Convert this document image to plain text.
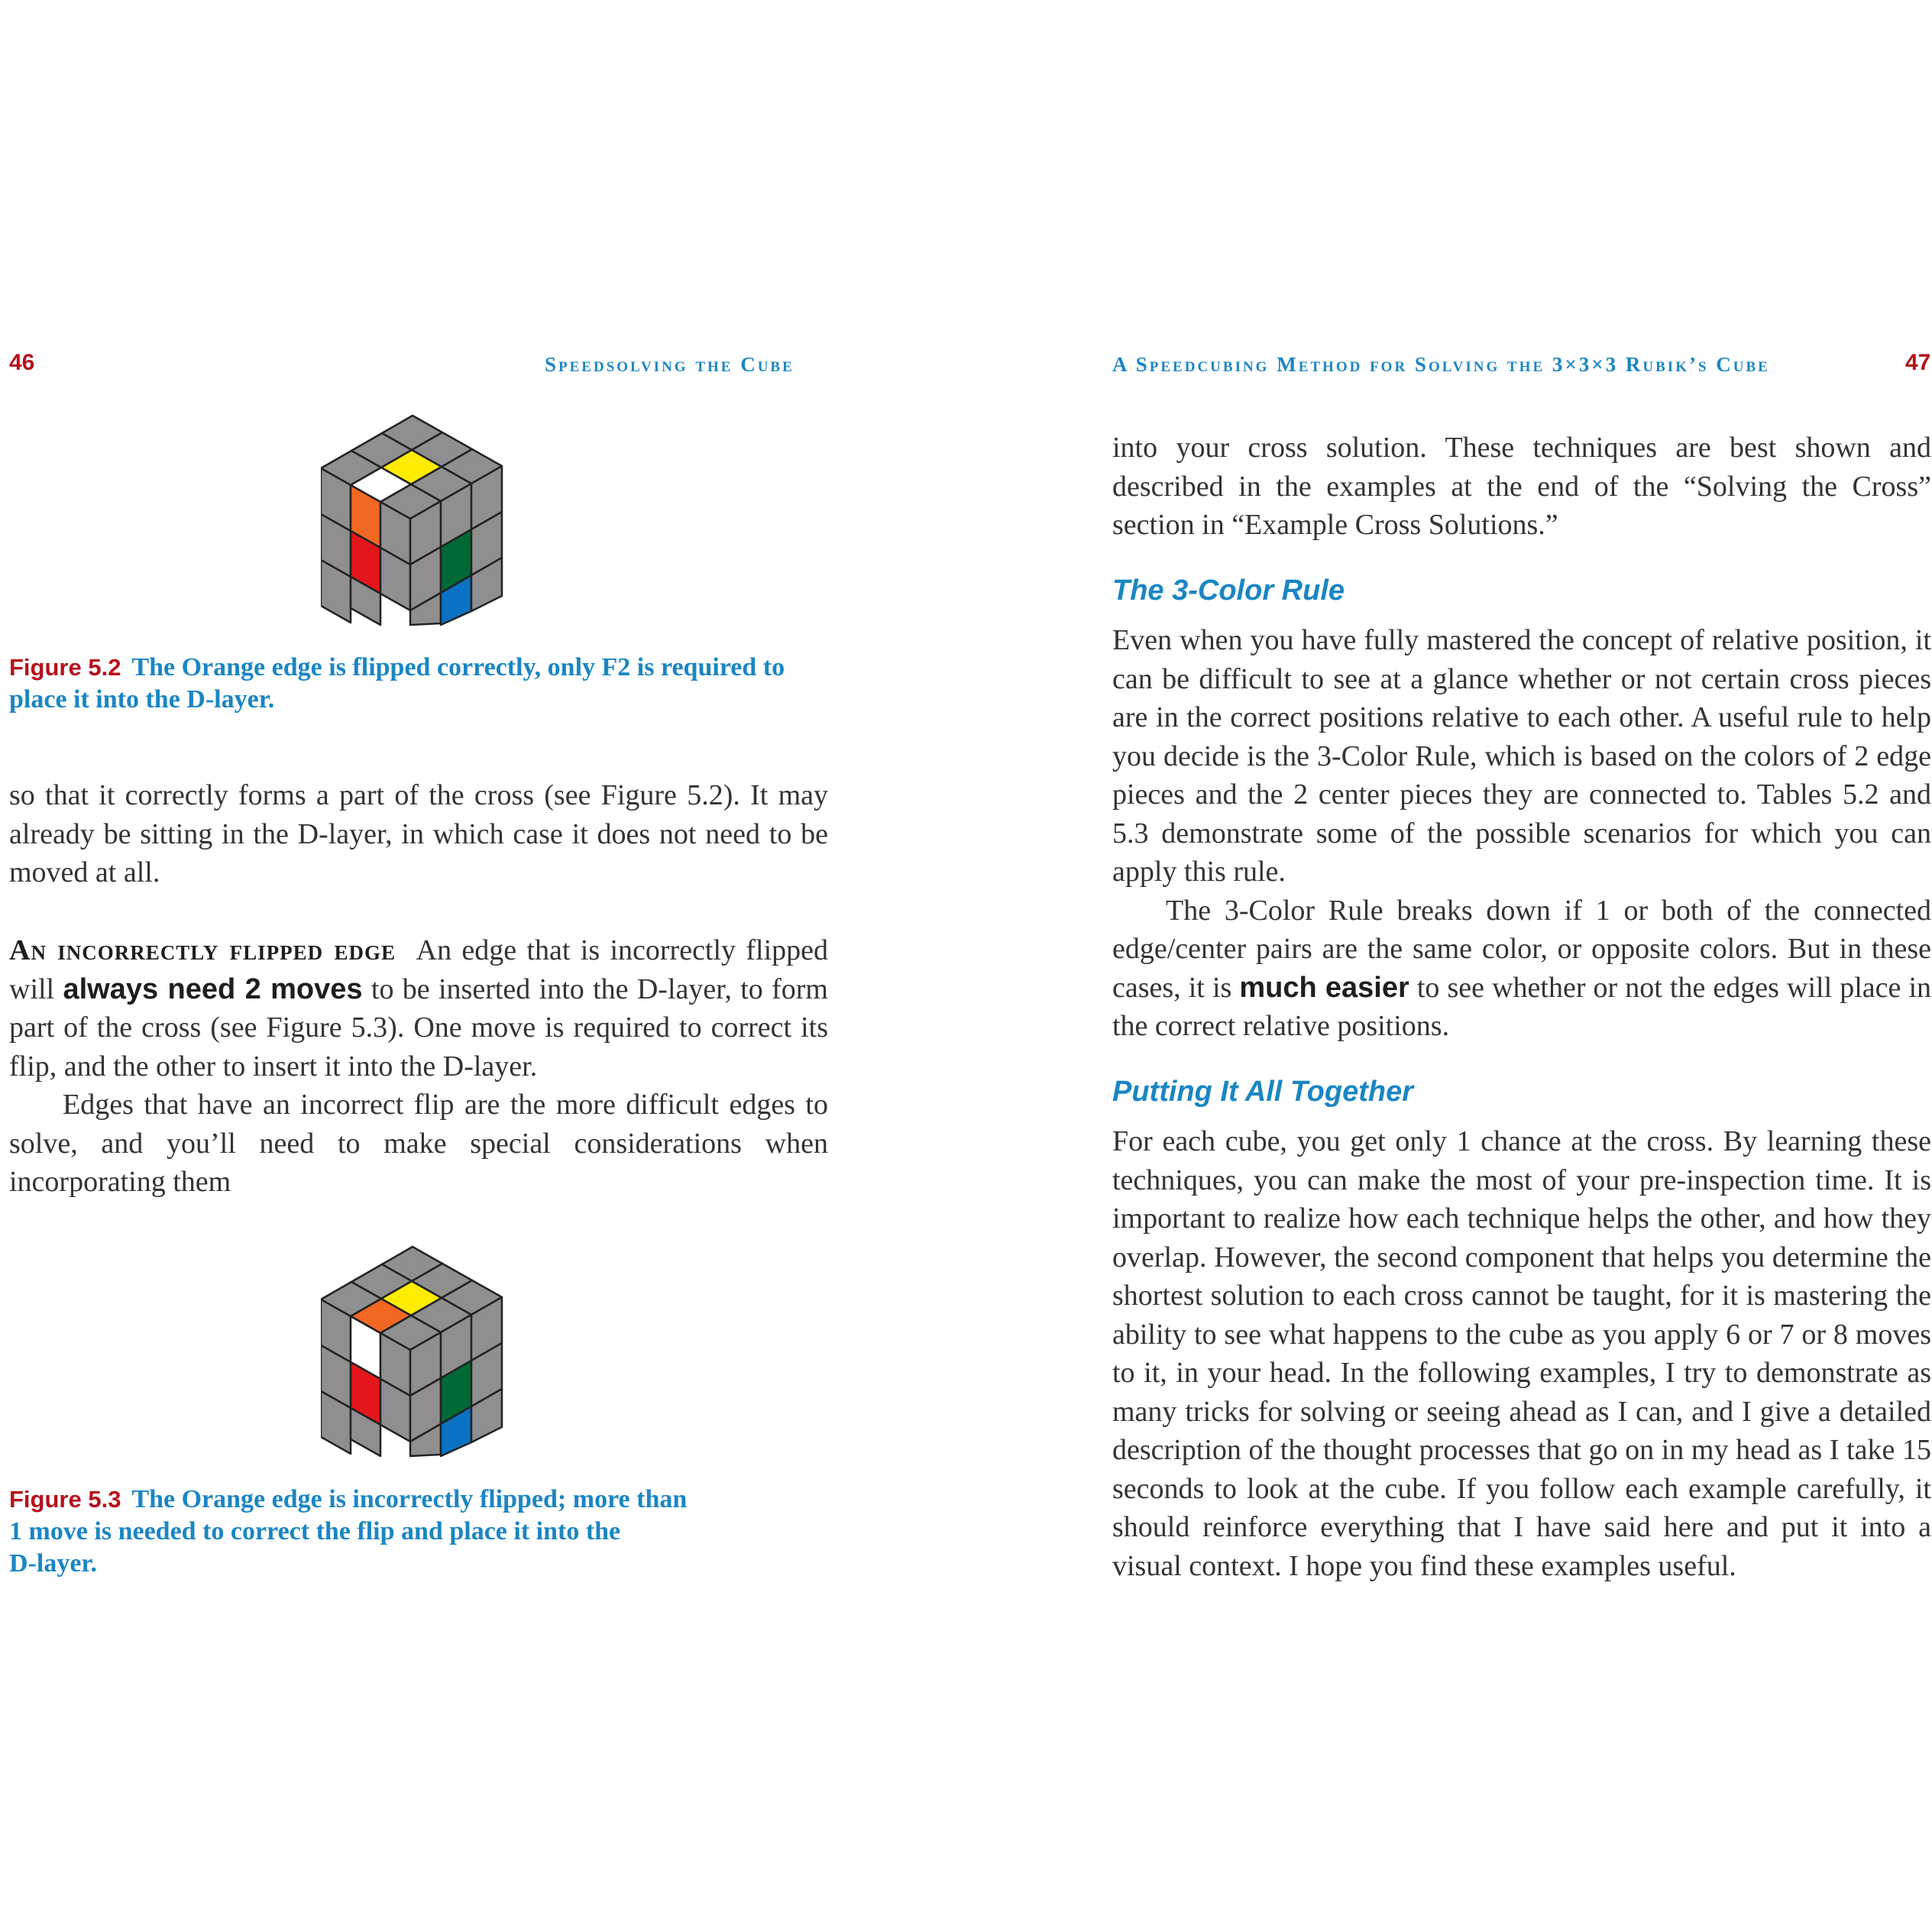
46	Speedsolving the Cube

Figure 5.2 The Orange edge is flipped correctly, only F2 is required to place it into the D-layer.

so that it correctly forms a part of the cross (see Figure 5.2). It may already be sitting in the D-layer, in which case it does not need to be moved at all.

An incorrectly flipped edge An edge that is incorrectly flipped will always need 2 moves to be inserted into the D-layer, to form part of the cross (see Figure 5.3). One move is required to correct its flip, and the other to insert it into the D-layer.

Edges that have an incorrect flip are the more difficult edges to solve, and you’ll need to make special considerations when incorporating them

Figure 5.3 The Orange edge is incorrectly flipped; more than
1 move is needed to correct the flip and place it into the
D-layer.
A Speedcubing Method for Solving the 3×3×3 Rubik’s Cube	47

into your cross solution. These techniques are best shown and described in the examples at the end of the “Solving the Cross” section in “Example Cross Solutions.”

The 3-Color Rule

Even when you have fully mastered the concept of relative position, it can be difficult to see at a glance whether or not certain cross pieces are in the correct positions relative to each other. A useful rule to help you decide is the 3-Color Rule, which is based on the colors of 2 edge pieces and the 2 center pieces they are connected to. Tables 5.2 and 5.3 demonstrate some of the possible scenarios for which you can apply this rule.

The 3-Color Rule breaks down if 1 or both of the connected edge/center pairs are the same color, or opposite colors. But in these cases, it is much easier to see whether or not the edges will place in the correct relative positions.

Putting It All Together

For each cube, you get only 1 chance at the cross. By learning these techniques, you can make the most of your pre-inspection time. It is important to realize how each technique helps the other, and how they overlap. However, the second component that helps you determine the shortest solution to each cross cannot be taught, for it is mastering the ability to see what happens to the cube as you apply 6 or 7 or 8 moves to it, in your head. In the following examples, I try to demonstrate as many tricks for solving or seeing ahead as I can, and I give a detailed description of the thought processes that go on in my head as I take 15 seconds to look at the cube. If you follow each example carefully, it should reinforce everything that I have said here and put it into a visual context. I hope you find these examples useful.
